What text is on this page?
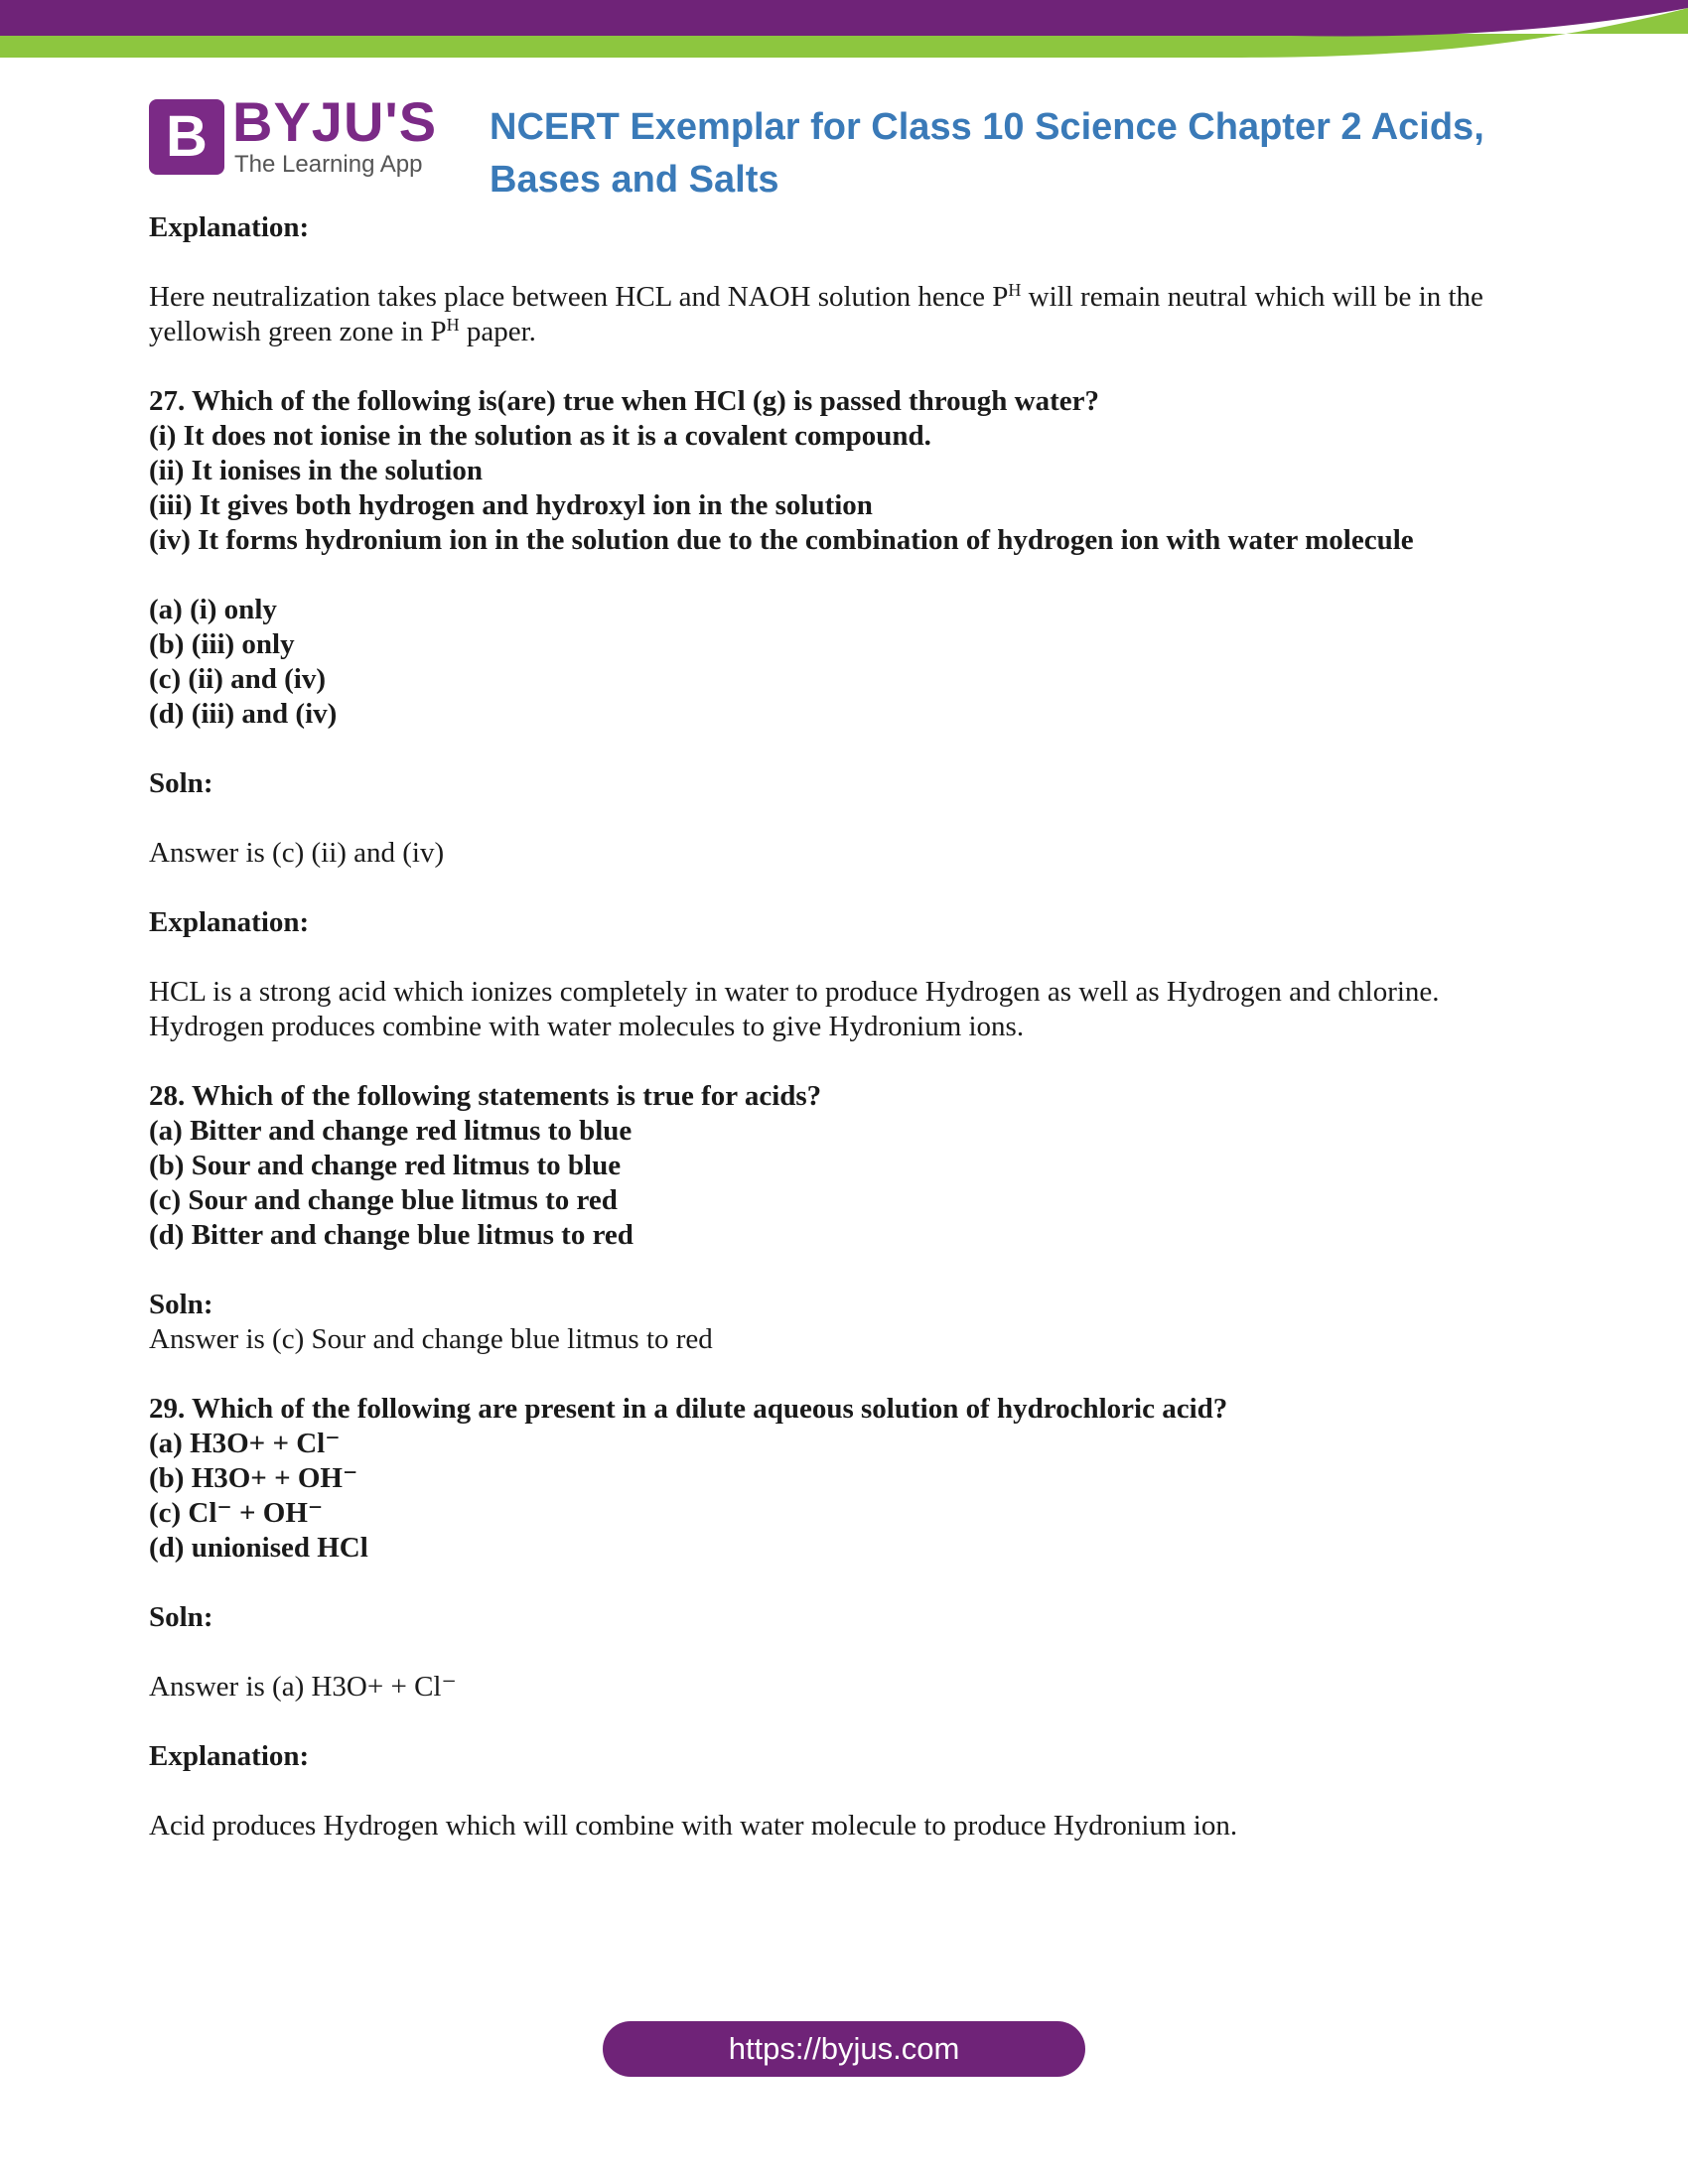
B BYJU'S
The Learning App
NCERT Exemplar for Class 10 Science Chapter 2 Acids, Bases and Salts

Explanation:

Here neutralization takes place between HCL and NAOH solution hence $P^H$ will remain neutral which will be in the yellowish green zone in $P^H$ paper.

27. Which of the following is(are) true when HCl (g) is passed through water?

(i) It does not ionise in the solution as it is a covalent compound.

(ii) It ionises in the solution

(iii) It gives both hydrogen and hydroxyl ion in the solution

(iv) It forms hydronium ion in the solution due to the combination of hydrogen ion with water molecule

(a) (i) only

(b) (iii) only

(c) (ii) and (iv)

(d) (iii) and (iv)

Soln:

Answer is (c) (ii) and (iv)

Explanation:

HCL is a strong acid which ionizes completely in water to produce Hydrogen as well as Hydrogen and chlorine. Hydrogen produces combine with water molecules to give Hydronium ions.

28. Which of the following statements is true for acids?

(a) Bitter and change red litmus to blue

(b) Sour and change red litmus to blue

(c) Sour and change blue litmus to red

(d) Bitter and change blue litmus to red

Soln:

Answer is (c) Sour and change blue litmus to red

29. Which of the following are present in a dilute aqueous solution of hydrochloric acid?

(a) H3O+ + Cl⁻

(b) H3O+ + OH⁻

(c) Cl⁻ + OH⁻

(d) unionised HCl

Soln:

Answer is (a) H3O+ + Cl⁻

Explanation:

Acid produces Hydrogen which will combine with water molecule to produce Hydronium ion.

https://byjus.com
